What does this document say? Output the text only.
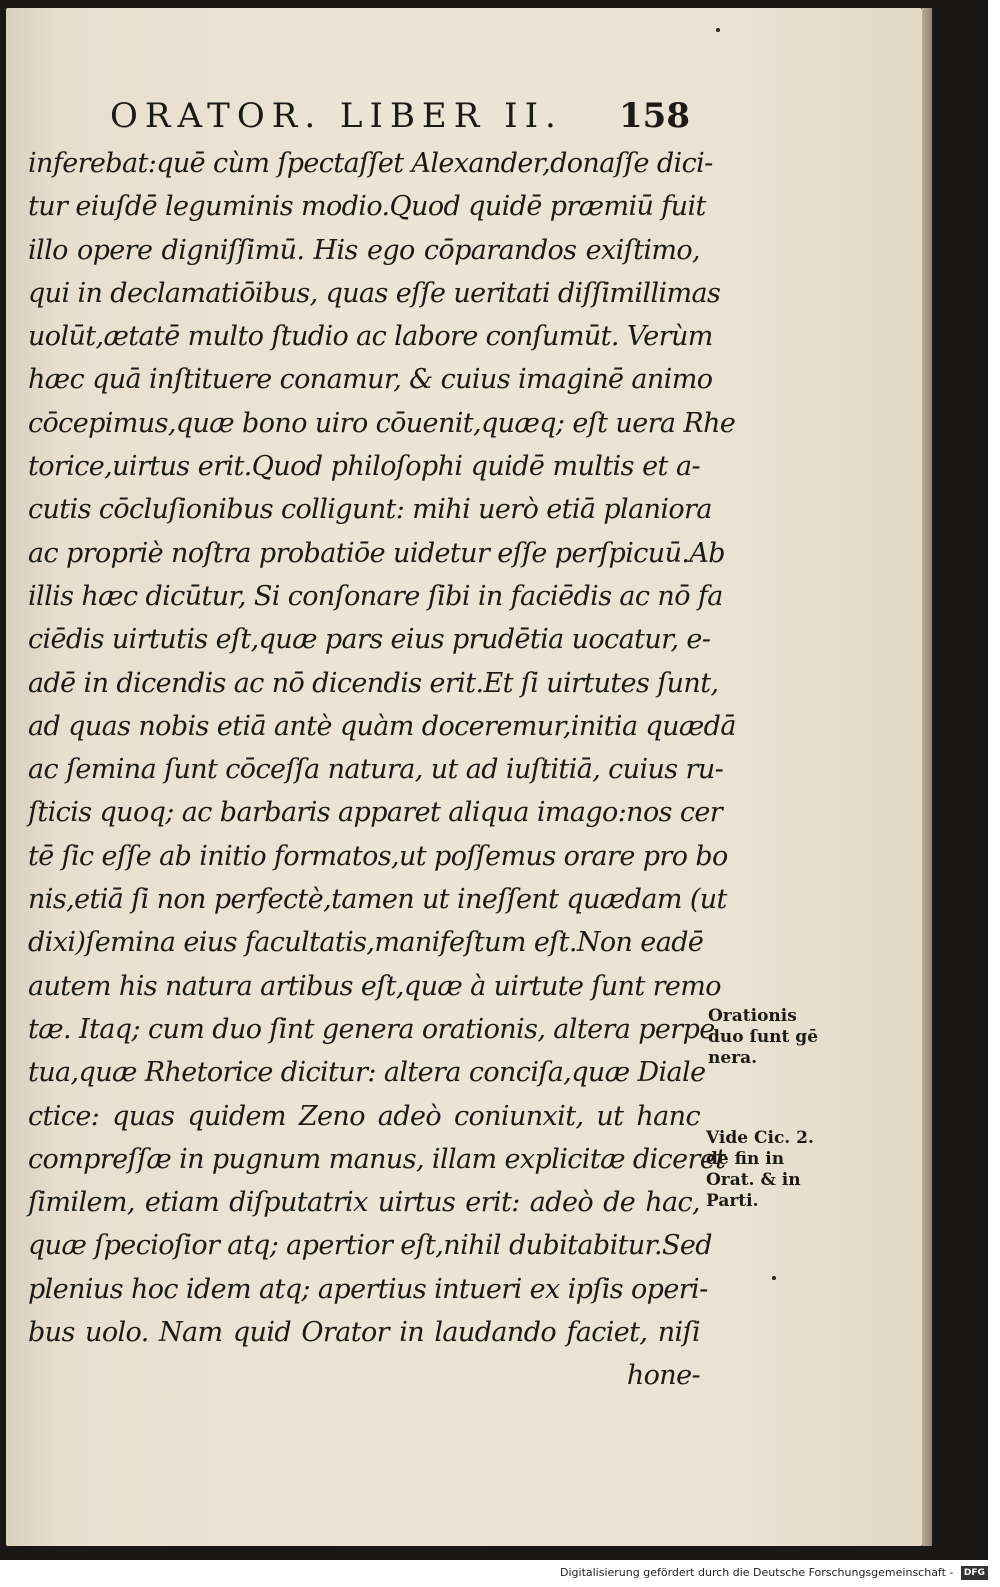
ORATOR. LIBER II. 158
inferebat:quē cùm ſpectaſſet Alexander,donaſſe dici-
tur eiuſdē leguminis modio.Quod quidē præmiū fuit
illo opere digniſſimū. His ego cōparandos exiſtimo,
qui in declamatiōibus, quas eſſe ueritati diſſimillimas
uolūt,ætatē multo ſtudio ac labore conſumūt. Verùm
hæc quā inſtituere conamur, & cuius imaginē animo
cōcepimus,quæ bono uiro cōuenit,quæq; eſt uera Rhe
torice,uirtus erit.Quod philoſophi quidē multis et a-
cutis cōcluſionibus colligunt: mihi uerò etiā planiora
ac propriè noſtra probatiōe uidetur eſſe perſpicuū.Ab
illis hæc dicūtur, Si conſonare ſibi in faciēdis ac nō fa
ciēdis uirtutis eſt,quæ pars eius prudētia uocatur, e-
adē in dicendis ac nō dicendis erit.Et ſi uirtutes ſunt,
ad quas nobis etiā antè quàm doceremur,initia quædā
ac ſemina ſunt cōceſſa natura, ut ad iuſtitiā, cuius ru-
ſticis quoq; ac barbaris apparet aliqua imago:nos cer
tē ſic eſſe ab initio formatos,ut poſſemus orare pro bo
nis,etiā ſi non perfectè,tamen ut ineſſent quædam (ut
dixi)ſemina eius facultatis,manifeſtum eſt.Non eadē
autem his natura artibus eſt,quæ à uirtute ſunt remo
tæ. Itaq; cum duo ſint genera orationis, altera perpe
tua,quæ Rhetorice dicitur: altera conciſa,quæ Diale
ctice: quas quidem Zeno adeò coniunxit, ut hanc
compreſſæ in pugnum manus, illam explicitæ diceret
ſimilem, etiam diſputatrix uirtus erit: adeò de hac,
quæ ſpecioſior atq; apertior eſt,nihil dubitabitur.Sed
plenius hoc idem atq; apertius intueri ex ipſis operi-
bus uolo. Nam quid Orator in laudando faciet, niſi
hone-
Orationis
duo ſunt gē
nera.
Vide Cic. 2.
de fin in
Orat. & in
Parti.
Digitalisierung gefördert durch die Deutsche Forschungsgemeinschaft - DFG
